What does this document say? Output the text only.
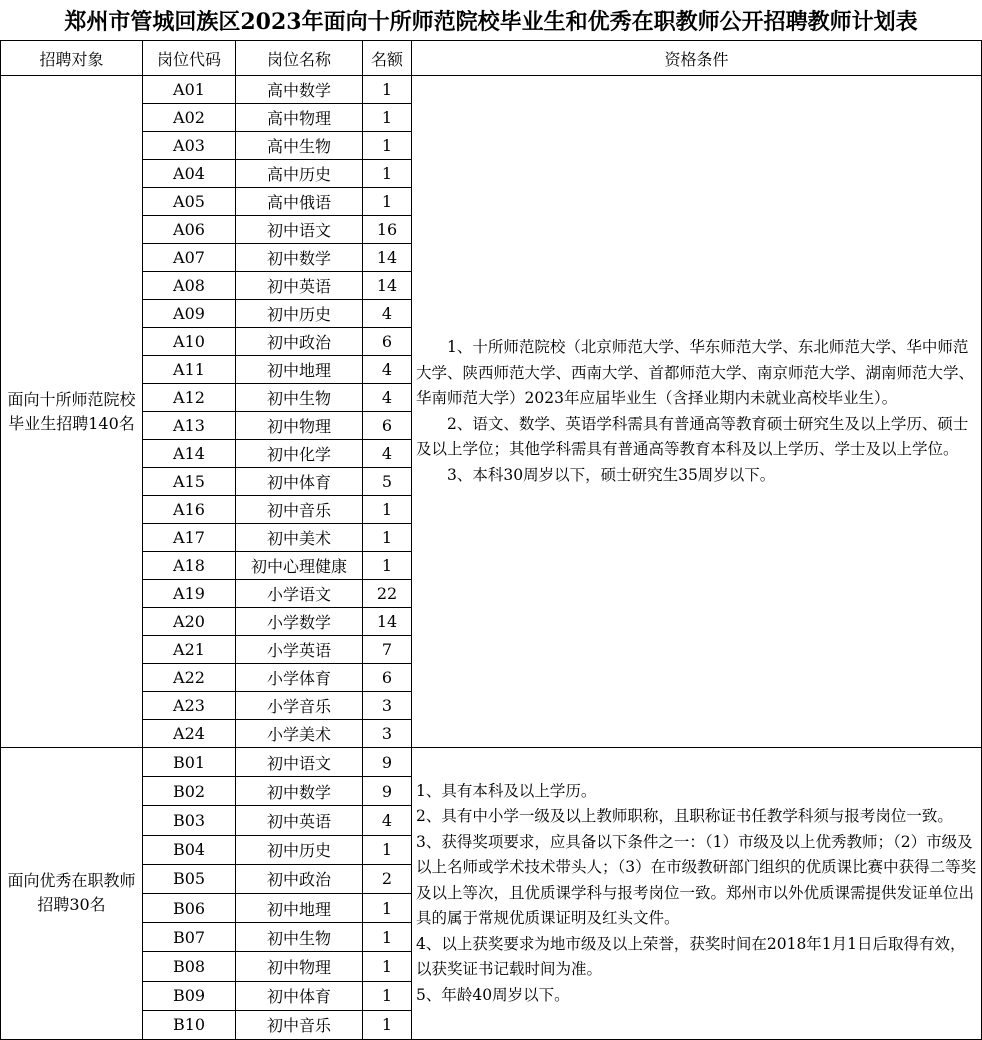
郑州市管城回族区2023年面向十所师范院校毕业生和优秀在职教师公开招聘教师计划表
招聘对象	岗位代码	岗位名称	名额	资格条件
面向十所师范院校毕业生招聘140名	A01	高中数学	1	1、十所师范院校（北京师范大学、华东师范大学、东北师范大学、华中师范大学、陕西师范大学、西南大学、首都师范大学、南京师范大学、湖南师范大学、华南师范大学）2023年应届毕业生（含择业期内未就业高校毕业生）。

2、语文、数学、英语学科需具有普通高等教育硕士研究生及以上学历、硕士及以上学位；其他学科需具有普通高等教育本科及以上学历、学士及以上学位。

3、本科30周岁以下，硕士研究生35周岁以下。

	A02	高中物理	1	
	A03	高中生物	1	
	A04	高中历史	1	
	A05	高中俄语	1	
	A06	初中语文	16	
	A07	初中数学	14	
	A08	初中英语	14	
	A09	初中历史	4	
	A10	初中政治	6	
	A11	初中地理	4	
	A12	初中生物	4	
	A13	初中物理	6	
	A14	初中化学	4	
	A15	初中体育	5	
	A16	初中音乐	1	
	A17	初中美术	1	
	A18	初中心理健康	1	
	A19	小学语文	22	
	A20	小学数学	14	
	A21	小学英语	7	
	A22	小学体育	6	
	A23	小学音乐	3	
	A24	小学美术	3	
面向优秀在职教师招聘30名	B01	初中语文	9	1、具有本科及以上学历。

2、具有中小学一级及以上教师职称，且职称证书任教学科须与报考岗位一致。

3、获得奖项要求，应具备以下条件之一：（1）市级及以上优秀教师；（2）市级及以上名师或学术技术带头人；（3）在市级教研部门组织的优质课比赛中获得二等奖及以上等次，且优质课学科与报考岗位一致。郑州市以外优质课需提供发证单位出具的属于常规优质课证明及红头文件。

4、以上获奖要求为地市级及以上荣誉，获奖时间在2018年1月1日后取得有效，以获奖证书记载时间为准。

5、年龄40周岁以下。

	B02	初中数学	9	
	B03	初中英语	4	
	B04	初中历史	1	
	B05	初中政治	2	
	B06	初中地理	1	
	B07	初中生物	1	
	B08	初中物理	1	
	B09	初中体育	1	
	B10	初中音乐	1	
